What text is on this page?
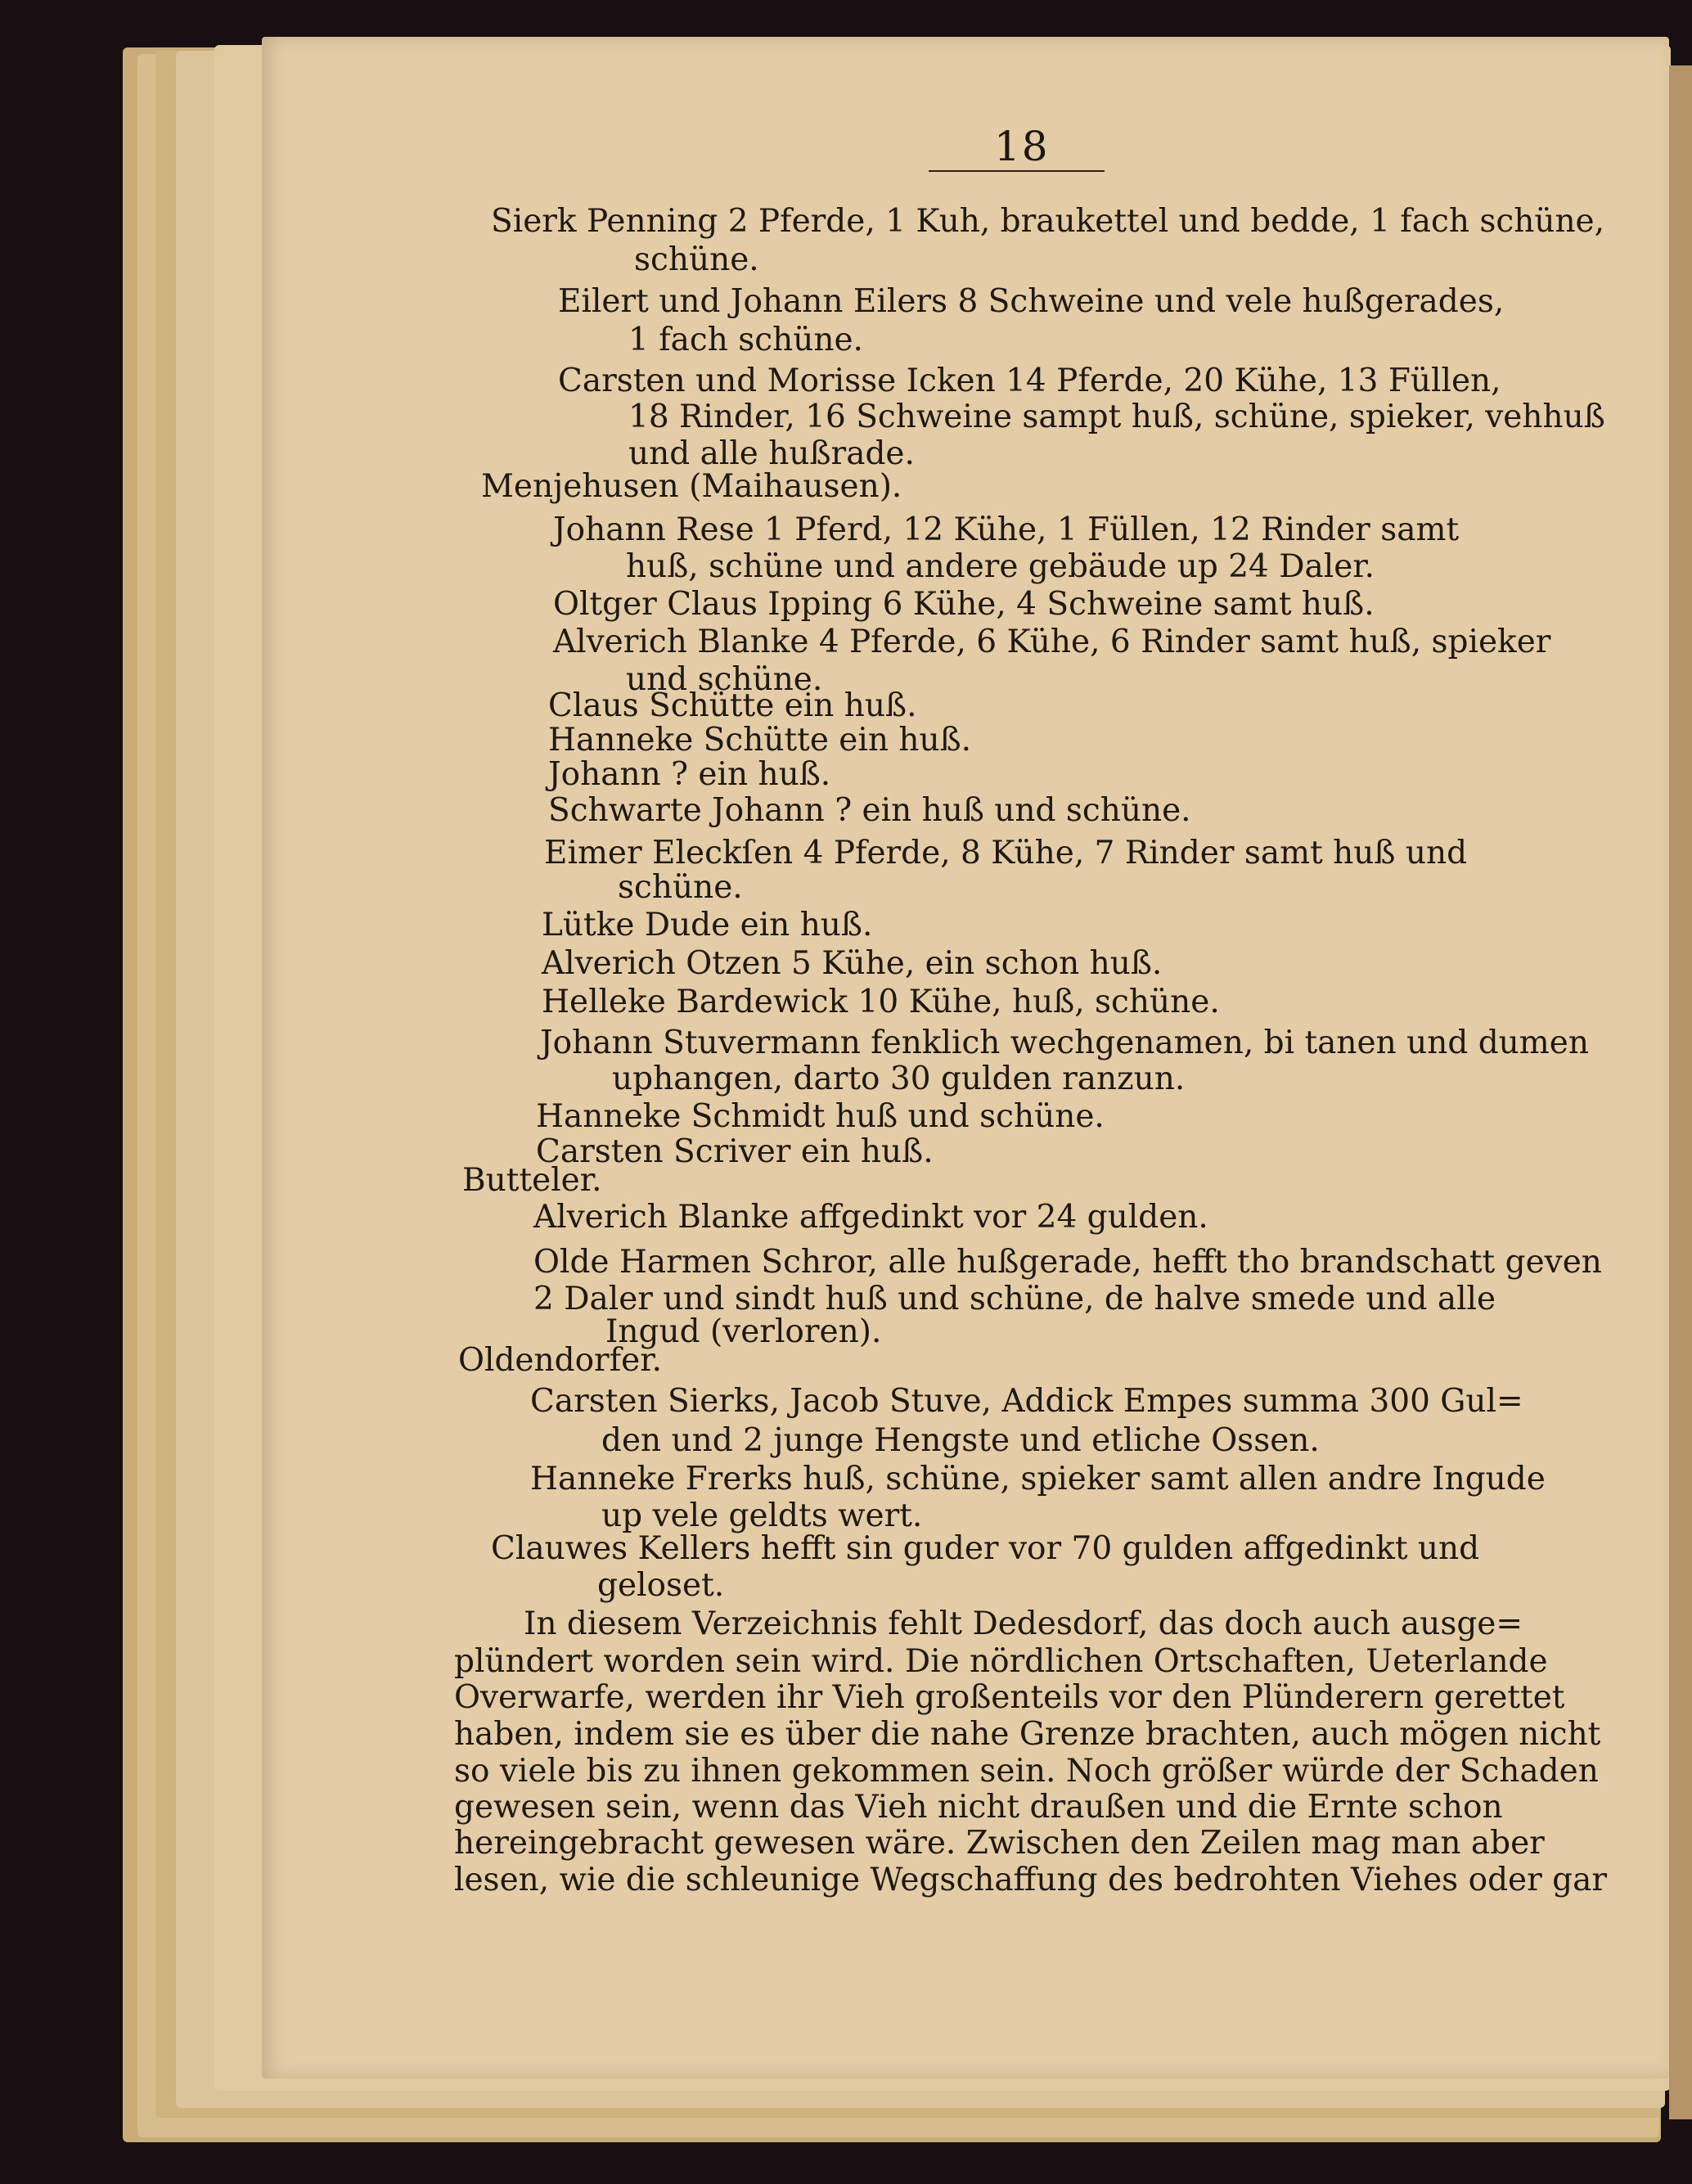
18
Sierk Penning 2 Pferde, 1 Kuh, braukettel und bedde, 1 fach schüne,
schüne.
Eilert und Johann Eilers 8 Schweine und vele hußgerades,
1 fach schüne.
Carsten und Morisse Icken 14 Pferde, 20 Kühe, 13 Füllen,
18 Rinder, 16 Schweine sampt huß, schüne, spieker, vehhuß
und alle hußrade.
Menjehusen (Maihausen).
Johann Rese 1 Pferd, 12 Kühe, 1 Füllen, 12 Rinder samt
huß, schüne und andere gebäude up 24 Daler.
Oltger Claus Ipping 6 Kühe, 4 Schweine samt huß.
Alverich Blanke 4 Pferde, 6 Kühe, 6 Rinder samt huß, spieker
und schüne.
Claus Schütte ein huß.
Hanneke Schütte ein huß.
Johann ? ein huß.
Schwarte Johann ? ein huß und schüne.
Eimer Eleckſen 4 Pferde, 8 Kühe, 7 Rinder samt huß und
schüne.
Lütke Dude ein huß.
Alverich Otzen 5 Kühe, ein schon huß.
Helleke Bardewick 10 Kühe, huß, schüne.
Johann Stuvermann fenklich wechgenamen, bi tanen und dumen
uphangen, darto 30 gulden ranzun.
Hanneke Schmidt huß und schüne.
Carsten Scriver ein huß.
Butteler.
Alverich Blanke affgedinkt vor 24 gulden.
Olde Harmen Schror, alle hußgerade, hefft tho brandschatt geven
2 Daler und sindt huß und schüne, de halve smede und alle
Ingud (verloren).
Oldendorfer.
Carsten Sierks, Jacob Stuve, Addick Empes summa 300 Gul=
den und 2 junge Hengste und etliche Ossen.
Hanneke Frerks huß, schüne, spieker samt allen andre Ingude
up vele geldts wert.
Clauwes Kellers hefft sin guder vor 70 gulden affgedinkt und
geloset.
In diesem Verzeichnis fehlt Dedesdorf, das doch auch ausge=
plündert worden sein wird. Die nördlichen Ortschaften, Ueterlande
Overwarfe, werden ihr Vieh großenteils vor den Plünderern gerettet
haben, indem sie es über die nahe Grenze brachten, auch mögen nicht
so viele bis zu ihnen gekommen sein. Noch größer würde der Schaden
gewesen sein, wenn das Vieh nicht draußen und die Ernte schon
hereingebracht gewesen wäre. Zwischen den Zeilen mag man aber
lesen, wie die schleunige Wegschaffung des bedrohten Viehes oder gar
